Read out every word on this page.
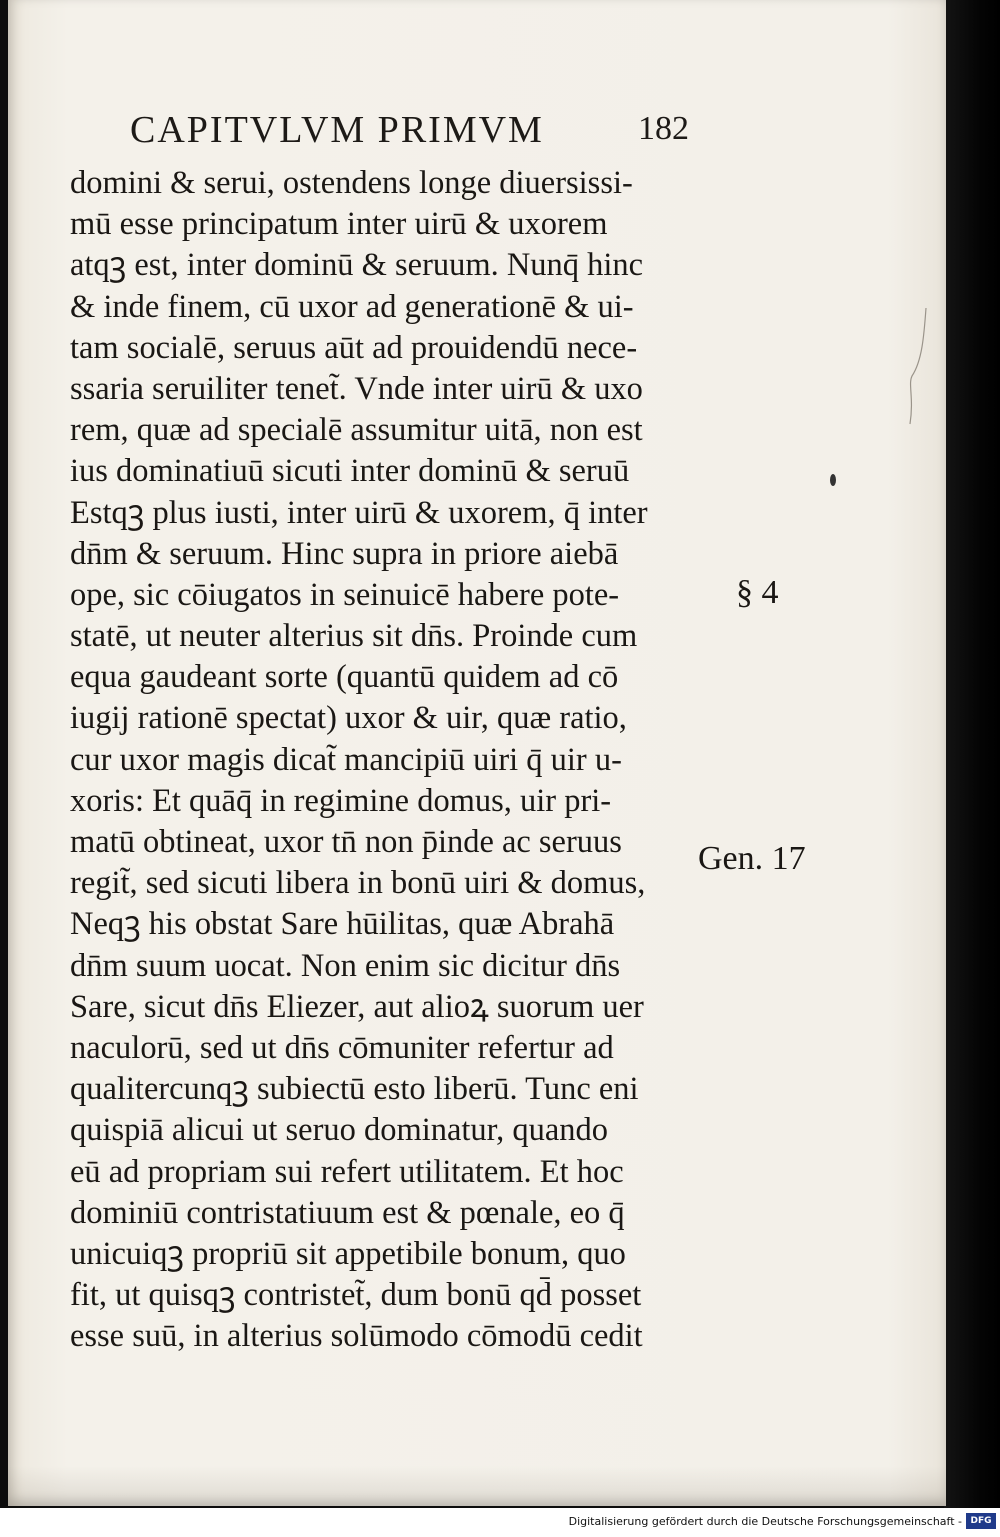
CAPITVLVM PRIMVM	182
domini & serui, ostendens longe diuersissi-
mū esse principatum inter uirū & uxorem
atqꝫ est, inter dominū & seruum. Nunq̄ hinc
& inde finem, cū uxor ad generationē & ui-
tam socialē, seruus aūt ad prouidendū nece-
ssaria seruiliter tenet̃. Vnde inter uirū & uxo
rem, quæ ad specialē assumitur uitā, non est
ius dominatiuū sicuti inter dominū & seruū
Estqꝫ plus iusti, inter uirū & uxorem, q̄ inter
dn̄m & seruum. Hinc supra in priore aiebā
ope, sic cōiugatos in seinuicē habere pote-
statē, ut neuter alterius sit dn̄s. Proinde cum
equa gaudeant sorte (quantū quidem ad cō
iugij rationē spectat) uxor & uir, quæ ratio,
cur uxor magis dicat̃ mancipiū uiri q̄ uir u-
xoris: Et quāq̄ in regimine domus, uir pri-
matū obtineat, uxor tn̄ non p̄inde ac seruus
regit̃, sed sicuti libera in bonū uiri & domus,
Neqꝫ his obstat Sare hūilitas, quæ Abrahā
dn̄m suum uocat. Non enim sic dicitur dn̄s
Sare, sicut dn̄s Eliezer, aut alioꝝ suorum uer
naculorū, sed ut dn̄s cōmuniter refertur ad
qualitercunqꝫ subiectū esto liberū. Tunc eni
quispiā alicui ut seruo dominatur, quando
eū ad propriam sui refert utilitatem. Et hoc
dominiū contristatiuum est & pœnale, eo q̄
unicuiqꝫ propriū sit appetibile bonum, quo
fit, ut quisqꝫ contristet̃, dum bonū qd̄ posset
esse suū, in alterius solūmodo cōmodū cedit
§ 4
Gen. 17
Digitalisierung gefördert durch die Deutsche Forschungsgemeinschaft - DFG
